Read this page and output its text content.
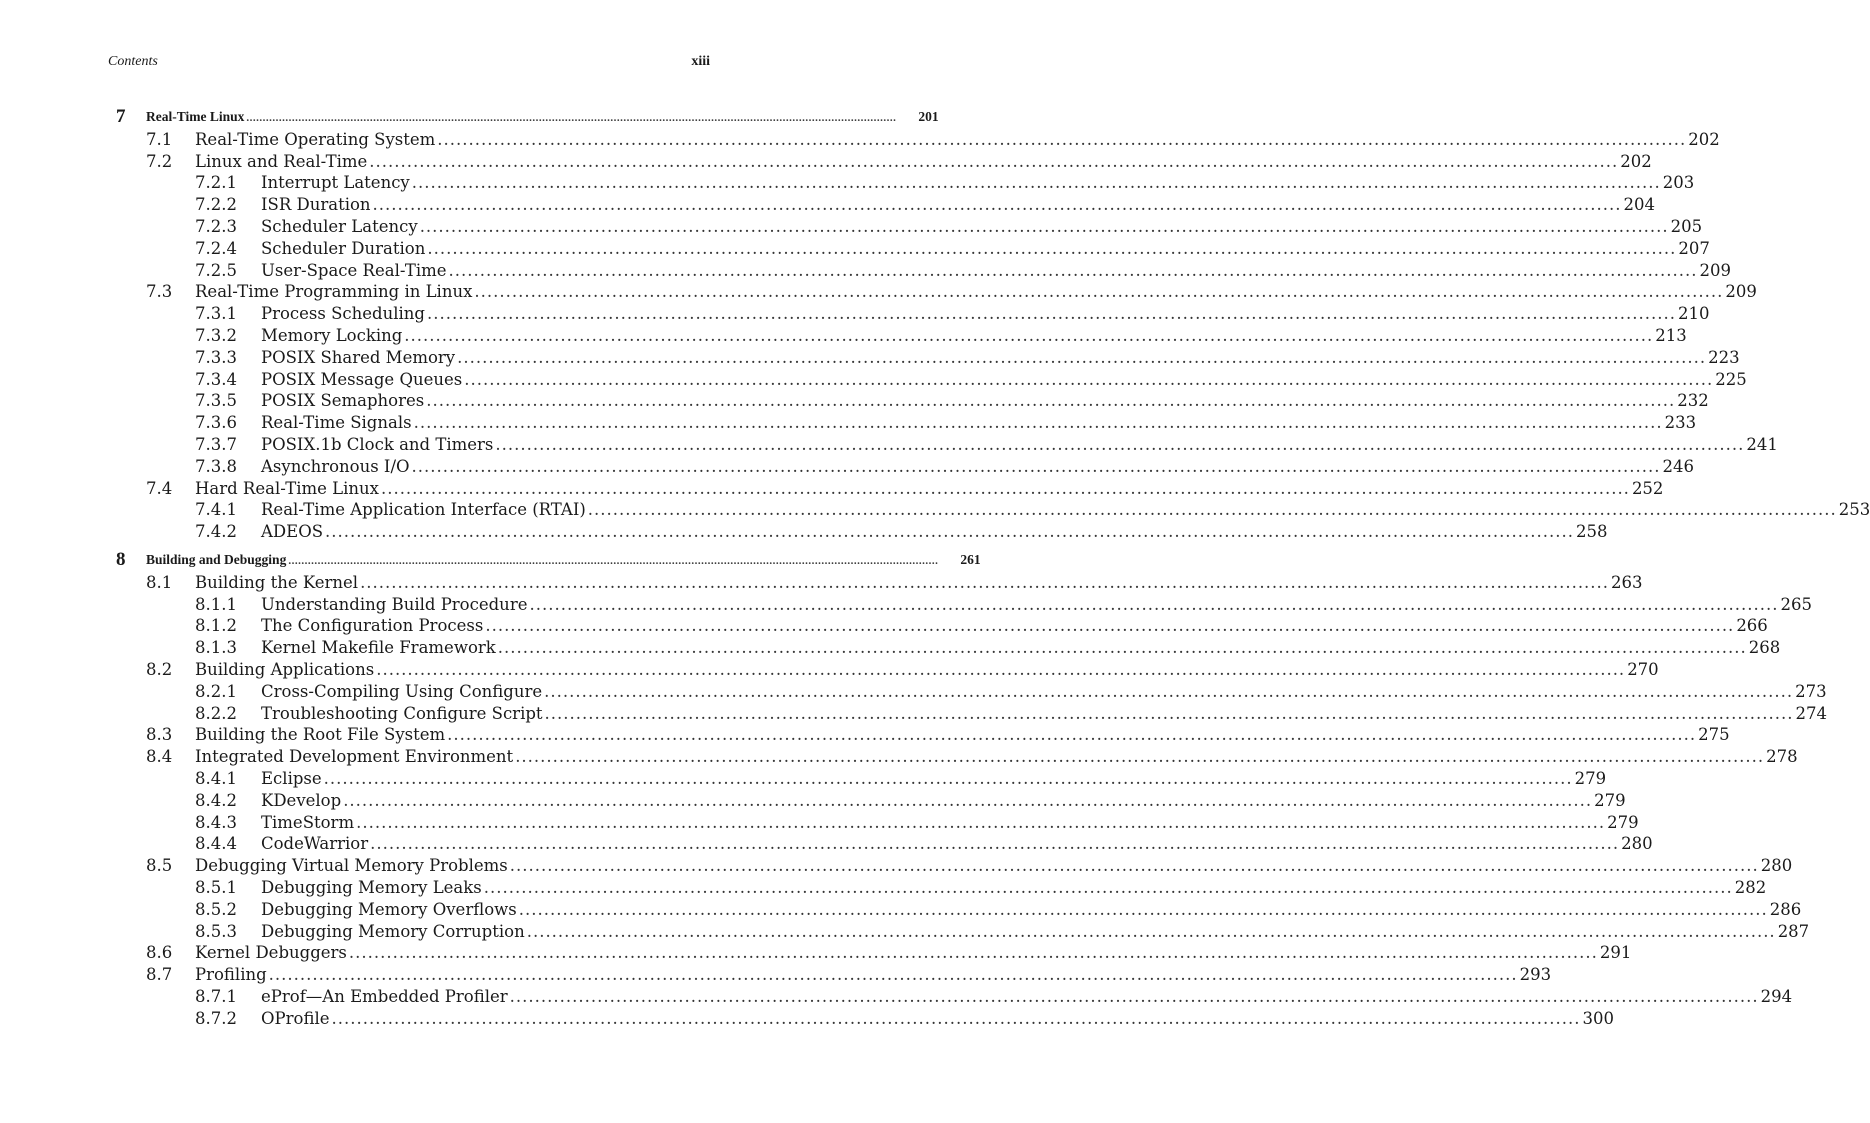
Contents	xiii
7 Real-Time Linux ........................................................................................................................................................................................................	201
7.1 Real-Time Operating System ........................................................................................................................................................................................................ 202
7.2 Linux and Real-Time ........................................................................................................................................................................................................ 202
7.2.1 Interrupt Latency ........................................................................................................................................................................................................ 203
7.2.2 ISR Duration ........................................................................................................................................................................................................ 204
7.2.3 Scheduler Latency ........................................................................................................................................................................................................ 205
7.2.4 Scheduler Duration ........................................................................................................................................................................................................ 207
7.2.5 User-Space Real-Time ........................................................................................................................................................................................................ 209
7.3 Real-Time Programming in Linux ........................................................................................................................................................................................................ 209
7.3.1 Process Scheduling ........................................................................................................................................................................................................ 210
7.3.2 Memory Locking ........................................................................................................................................................................................................ 213
7.3.3 POSIX Shared Memory ........................................................................................................................................................................................................ 223
7.3.4 POSIX Message Queues ........................................................................................................................................................................................................ 225
7.3.5 POSIX Semaphores ........................................................................................................................................................................................................ 232
7.3.6 Real-Time Signals ........................................................................................................................................................................................................ 233
7.3.7 POSIX.1b Clock and Timers ........................................................................................................................................................................................................ 241
7.3.8 Asynchronous I/O ........................................................................................................................................................................................................ 246
7.4 Hard Real-Time Linux ........................................................................................................................................................................................................ 252
7.4.1 Real-Time Application Interface (RTAI) ........................................................................................................................................................................................................ 253
7.4.2 ADEOS ........................................................................................................................................................................................................ 258
8 Building and Debugging ........................................................................................................................................................................................................	261
8.1 Building the Kernel ........................................................................................................................................................................................................ 263
8.1.1 Understanding Build Procedure ........................................................................................................................................................................................................ 265
8.1.2 The Configuration Process ........................................................................................................................................................................................................ 266
8.1.3 Kernel Makefile Framework ........................................................................................................................................................................................................ 268
8.2 Building Applications ........................................................................................................................................................................................................ 270
8.2.1 Cross-Compiling Using Configure ........................................................................................................................................................................................................ 273
8.2.2 Troubleshooting Configure Script ........................................................................................................................................................................................................ 274
8.3 Building the Root File System ........................................................................................................................................................................................................ 275
8.4 Integrated Development Environment ........................................................................................................................................................................................................ 278
8.4.1 Eclipse ........................................................................................................................................................................................................ 279
8.4.2 KDevelop ........................................................................................................................................................................................................ 279
8.4.3 TimeStorm ........................................................................................................................................................................................................ 279
8.4.4 CodeWarrior ........................................................................................................................................................................................................ 280
8.5 Debugging Virtual Memory Problems ........................................................................................................................................................................................................ 280
8.5.1 Debugging Memory Leaks ........................................................................................................................................................................................................ 282
8.5.2 Debugging Memory Overflows ........................................................................................................................................................................................................ 286
8.5.3 Debugging Memory Corruption ........................................................................................................................................................................................................ 287
8.6 Kernel Debuggers ........................................................................................................................................................................................................ 291
8.7 Profiling ........................................................................................................................................................................................................ 293
8.7.1 eProf—An Embedded Profiler ........................................................................................................................................................................................................ 294
8.7.2 OProfile ........................................................................................................................................................................................................ 300
